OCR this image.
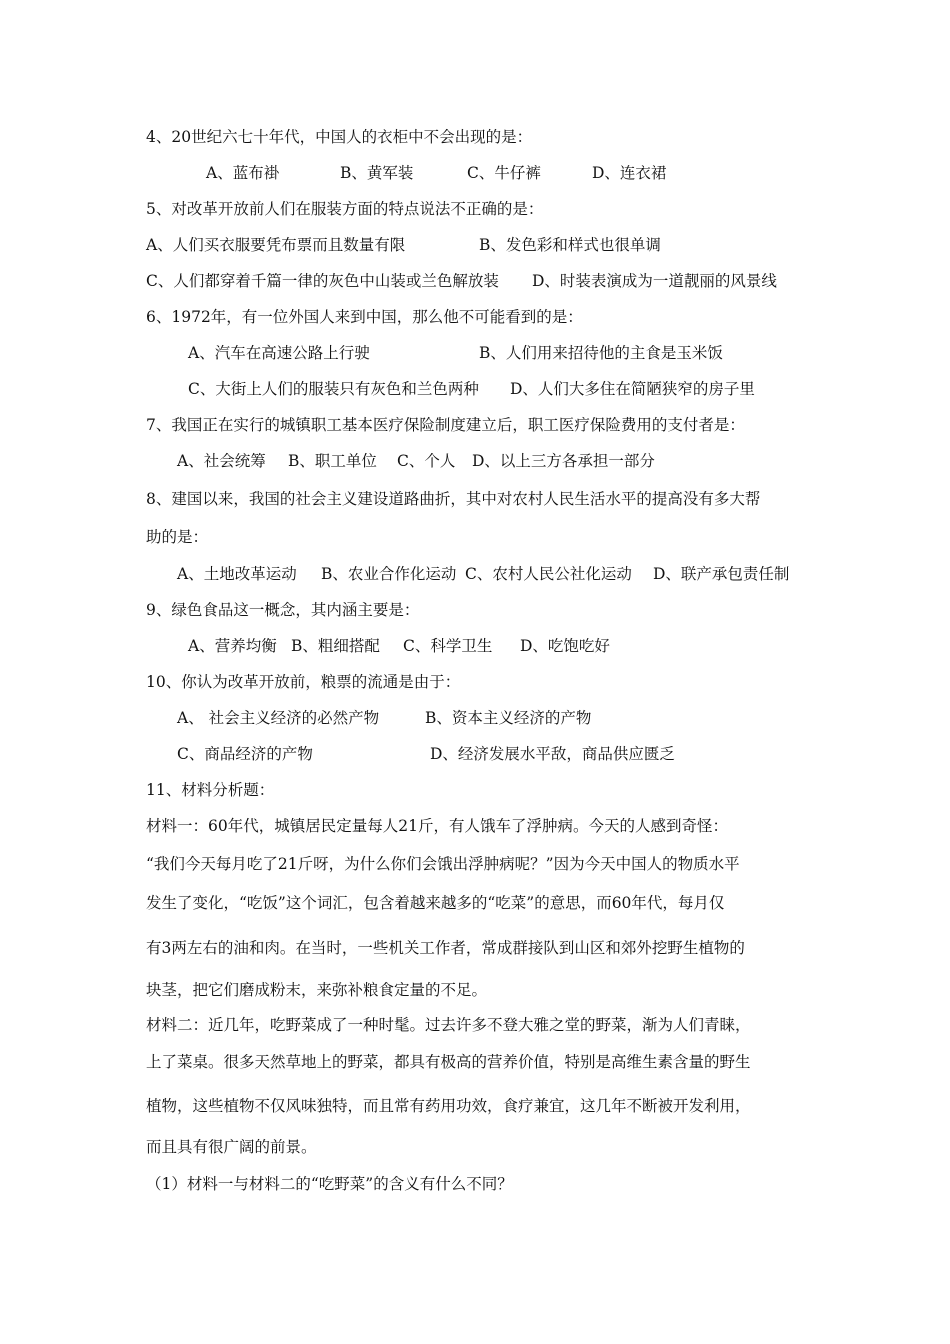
4、20世纪六七十年代，中国人的衣柜中不会出现的是：
A、蓝布褂	B、黄军装	C、牛仔裤	D、连衣裙
5、对改革开放前人们在服装方面的特点说法不正确的是：
A、人们买衣服要凭布票而且数量有限	B、发色彩和样式也很单调
C、人们都穿着千篇一律的灰色中山装或兰色解放装 D、时装表演成为一道靓丽的风景线
6、1972年，有一位外国人来到中国，那么他不可能看到的是：
A、汽车在高速公路上行驶	B、人们用来招待他的主食是玉米饭
C、大街上人们的服装只有灰色和兰色两种 D、人们大多住在简陋狭窄的房子里
7、我国正在实行的城镇职工基本医疗保险制度建立后，职工医疗保险费用的支付者是：
A、社会统筹 B、职工单位 C、个人 D、以上三方各承担一部分
8、建国以来，我国的社会主义建设道路曲折，其中对农村人民生活水平的提高没有多大帮
助的是：
A、土地改革运动 B、农业合作化运动 C、农村人民公社化运动 D、联产承包责任制
9、绿色食品这一概念，其内涵主要是：
A、营养均衡 B、粗细搭配 C、科学卫生 D、吃饱吃好
10、你认为改革开放前，粮票的流通是由于：
A、 社会主义经济的必然产物	B、资本主义经济的产物
C、商品经济的产物	D、经济发展水平敌，商品供应匮乏
11、材料分析题：
材料一：60年代，城镇居民定量每人21斤，有人饿车了浮肿病。今天的人感到奇怪：
“我们今天每月吃了21斤呀，为什么你们会饿出浮肿病呢？”因为今天中国人的物质水平
发生了变化，“吃饭”这个词汇，包含着越来越多的“吃菜”的意思，而60年代，每月仅
有3两左右的油和肉。在当时，一些机关工作者，常成群接队到山区和郊外挖野生植物的
块茎，把它们磨成粉末，来弥补粮食定量的不足。
材料二：近几年，吃野菜成了一种时髦。过去许多不登大雅之堂的野菜，渐为人们青睐，
上了菜桌。很多天然草地上的野菜，都具有极高的营养价值，特别是高维生素含量的野生
植物，这些植物不仅风味独特，而且常有药用功效，食疗兼宜，这几年不断被开发利用，
而且具有很广阔的前景。
（1）材料一与材料二的“吃野菜”的含义有什么不同？
